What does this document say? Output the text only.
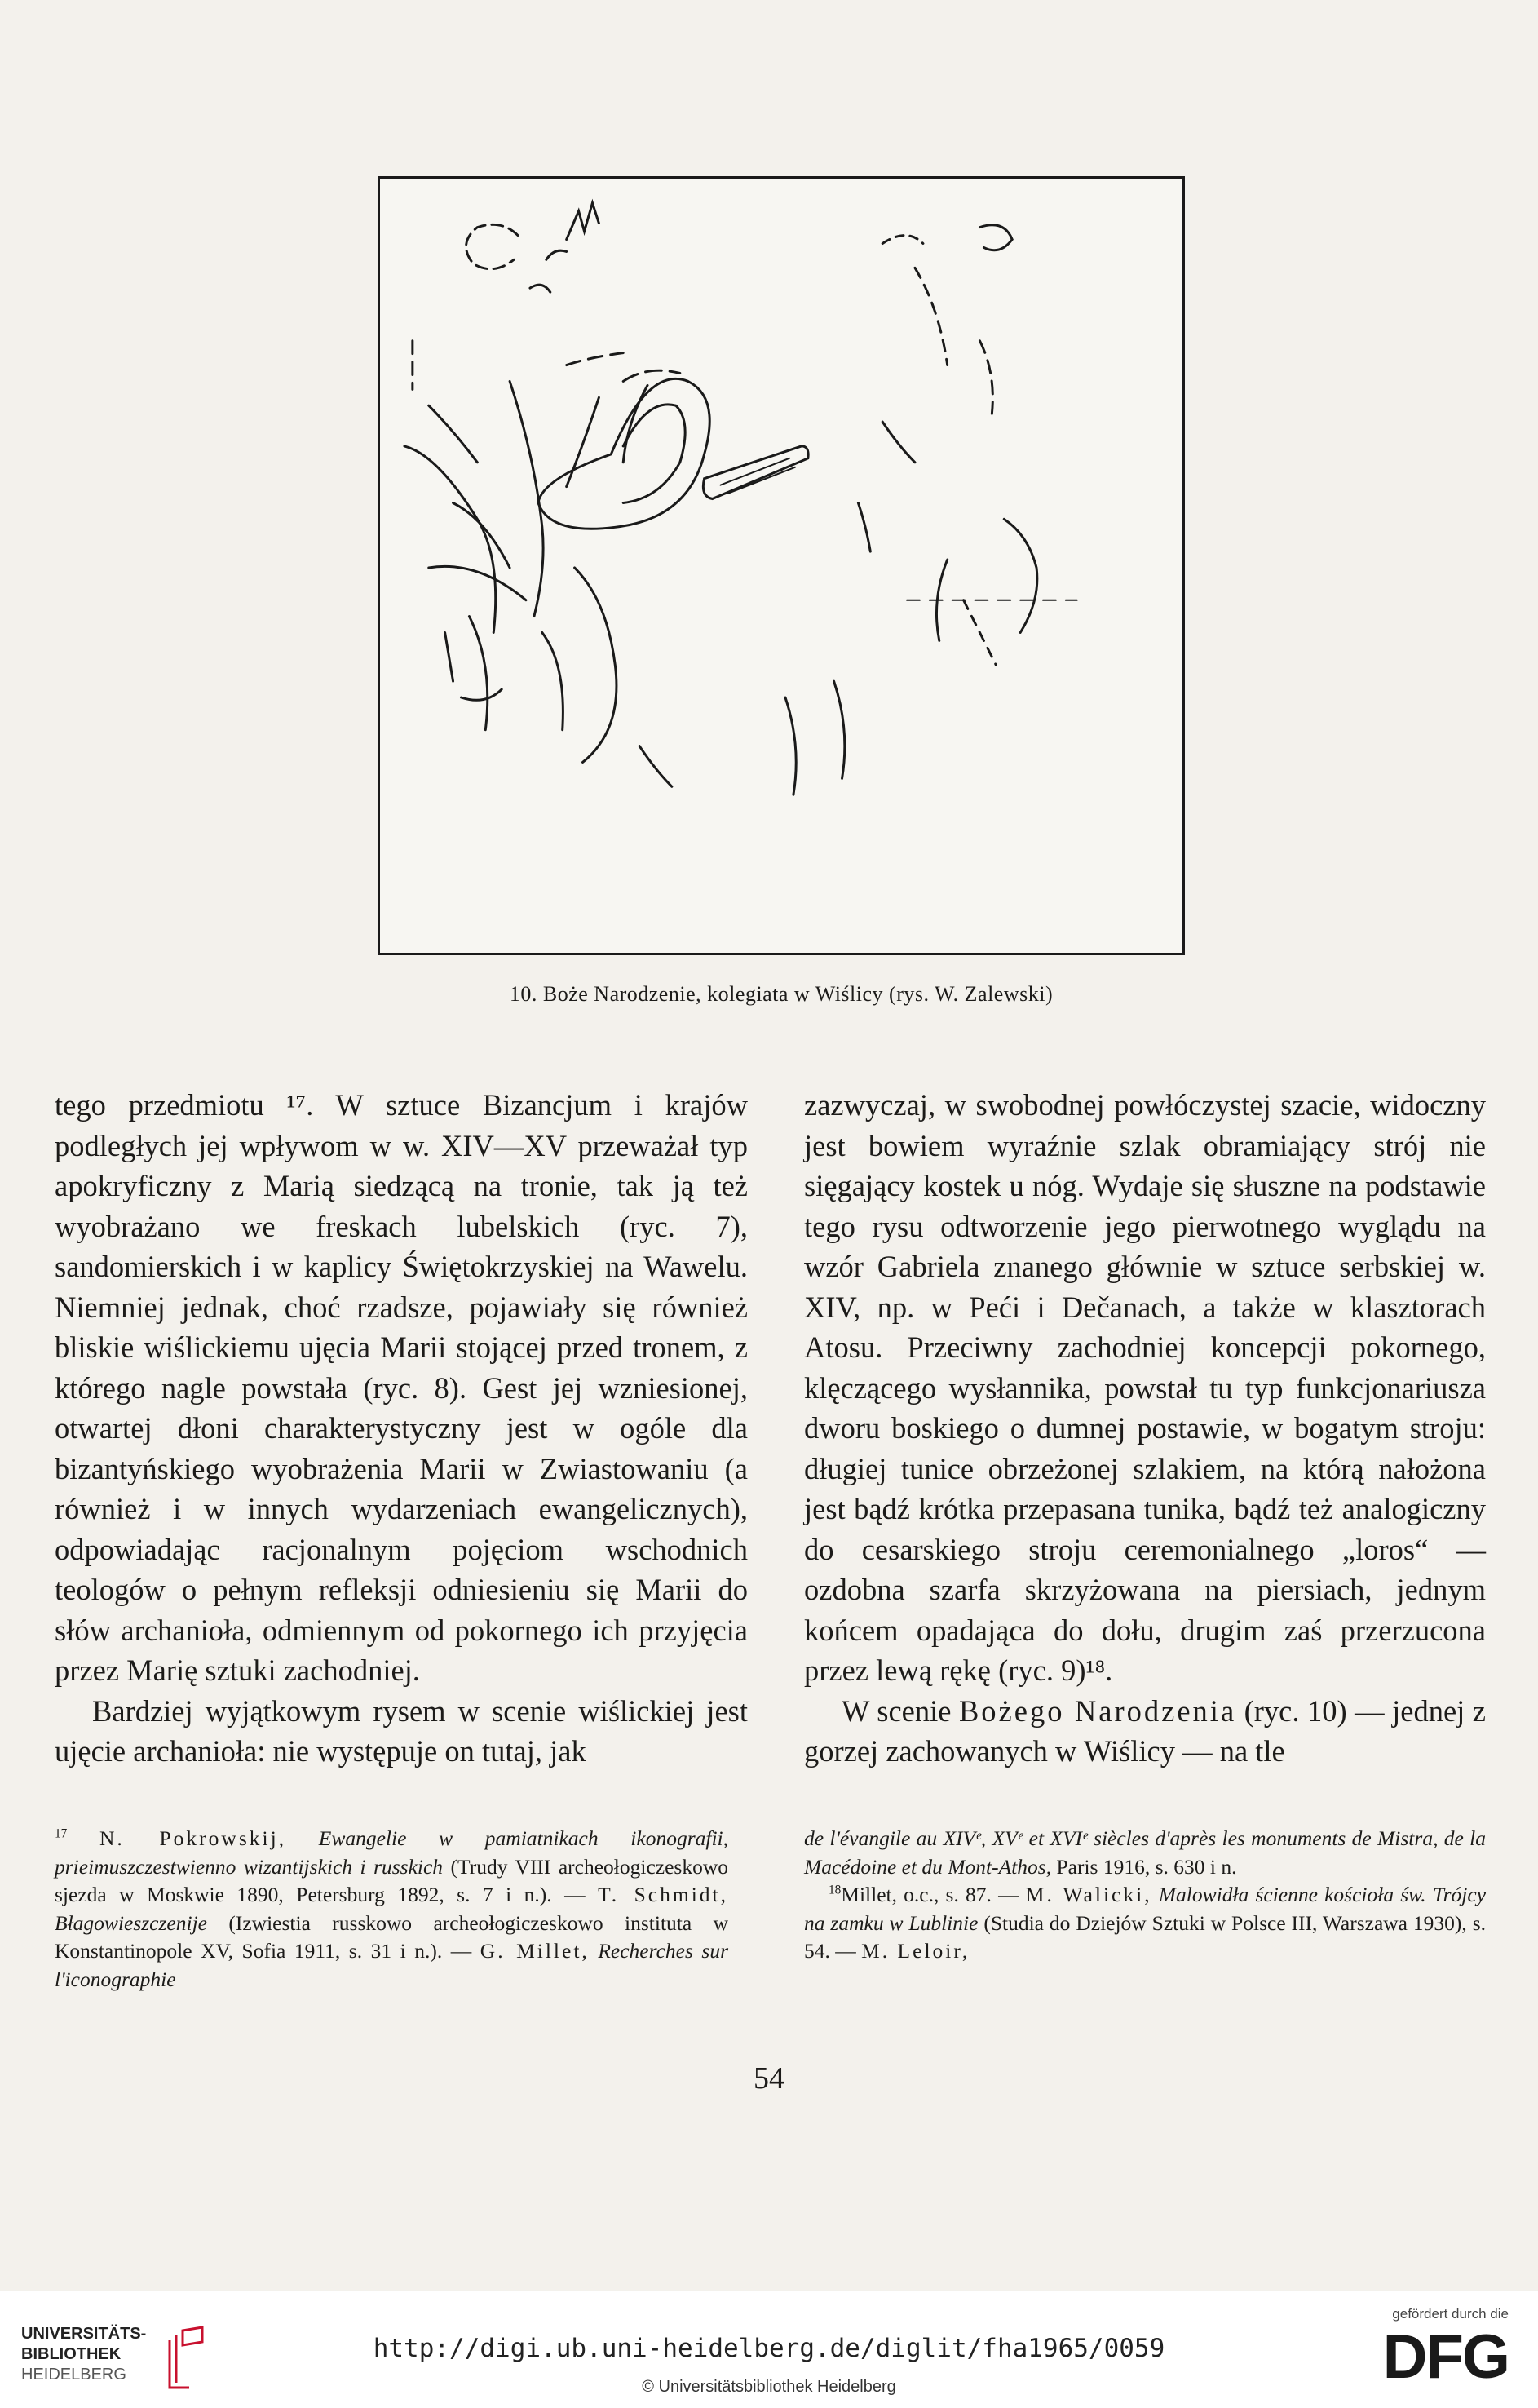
10. Boże Narodzenie, kolegiata w Wiślicy (rys. W. Zalewski)

tego przedmiotu ¹⁷. W sztuce Bizancjum i krajów podległych jej wpływom w w. XIV—XV przeważał typ apokryficzny z Marią siedzącą na tronie, tak ją też wyobrażano we freskach lubelskich (ryc. 7), sandomierskich i w kaplicy Świętokrzyskiej na Wawelu. Niemniej jednak, choć rzadsze, pojawiały się również bliskie wiślickiemu ujęcia Marii stojącej przed tronem, z którego nagle powstała (ryc. 8). Gest jej wzniesionej, otwartej dłoni charakterystyczny jest w ogóle dla bizantyńskiego wyobrażenia Marii w Zwiastowaniu (a również i w innych wydarzeniach ewangelicznych), odpowiadając racjonalnym pojęciom wschodnich teologów o pełnym refleksji odniesieniu się Marii do słów archanioła, odmiennym od pokornego ich przyjęcia przez Marię sztuki zachodniej.

Bardziej wyjątkowym rysem w scenie wiślickiej jest ujęcie archanioła: nie występuje on tutaj, jak

zazwyczaj, w swobodnej powłóczystej szacie, widoczny jest bowiem wyraźnie szlak obramiający strój nie sięgający kostek u nóg. Wydaje się słuszne na podstawie tego rysu odtworzenie jego pierwotnego wyglądu na wzór Gabriela znanego głównie w sztuce serbskiej w. XIV, np. w Peći i Dečanach, a także w klasztorach Atosu. Przeciwny zachodniej koncepcji pokornego, klęczącego wysłannika, powstał tu typ funkcjonariusza dworu boskiego o dumnej postawie, w bogatym stroju: długiej tunice obrzeżonej szlakiem, na którą nałożona jest bądź krótka przepasana tunika, bądź też analogiczny do cesarskiego stroju ceremonialnego „loros“ — ozdobna szarfa skrzyżowana na piersiach, jednym końcem opadająca do dołu, drugim zaś przerzucona przez lewą rękę (ryc. 9)¹⁸.

W scenie Bożego Narodzenia (ryc. 10) — jednej z gorzej zachowanych w Wiślicy — na tle

$^{17}$ N. Pokrowskij, Ewangelie w pamiatnikach ikonografii, prieimuszczestwienno wizantijskich i russkich (Trudy VIII archeołogiczeskowo sjezda w Moskwie 1890, Petersburg 1892, s. 7 i n.). — T. Schmidt, Błagowieszczenije (Izwiestia russkowo archeołogiczeskowo instituta w Konstantinopole XV, Sofia 1911, s. 31 i n.). — G. Millet, Recherches sur l'iconographie

de l'évangile au XIVᵉ, XVᵉ et XVIᵉ siècles d'après les monuments de Mistra, de la Macédoine et du Mont-Athos, Paris 1916, s. 630 i n.

$^{18}$Millet, o.c., s. 87. — M. Walicki, Malowidła ścienne kościoła św. Trójcy na zamku w Lublinie (Studia do Dziejów Sztuki w Polsce III, Warszawa 1930), s. 54. — M. Leloir,

54
UNIVERSITÄTS-
BIBLIOTHEK
HEIDELBERG
http://digi.ub.uni-heidelberg.de/diglit/fha1965/0059
© Universitätsbibliothek Heidelberg
gefördert durch die
DFG
